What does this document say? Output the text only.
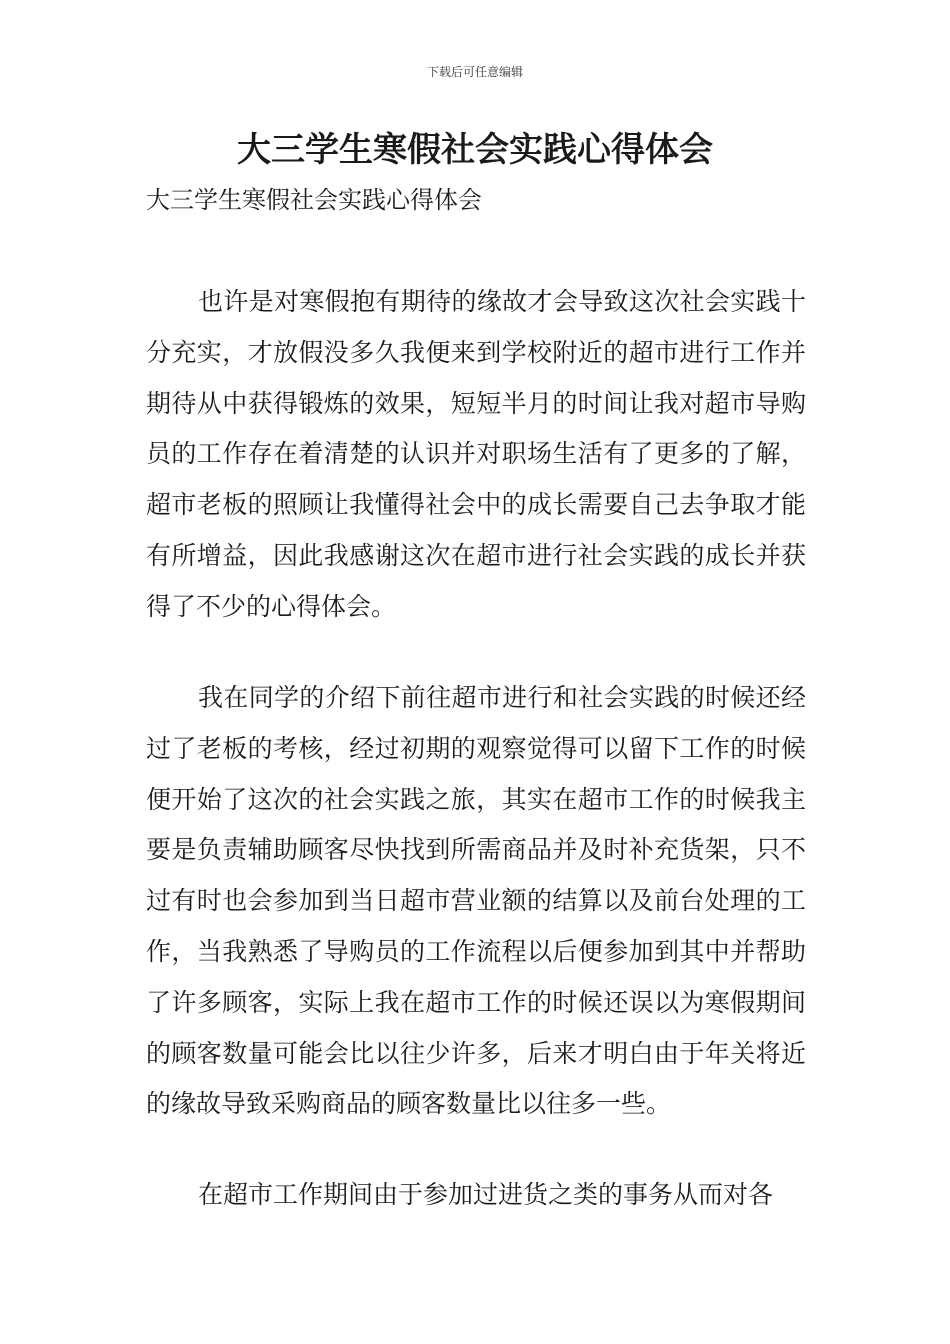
下载后可任意编辑
大三学生寒假社会实践心得体会

大三学生寒假社会实践心得体会

也许是对寒假抱有期待的缘故才会导致这次社会实践十分充实，才放假没多久我便来到学校附近的超市进行工作并期待从中获得锻炼的效果，短短半月的时间让我对超市导购员的工作存在着清楚的认识并对职场生活有了更多的了解，超市老板的照顾让我懂得社会中的成长需要自己去争取才能有所增益，因此我感谢这次在超市进行社会实践的成长并获得了不少的心得体会。

我在同学的介绍下前往超市进行和社会实践的时候还经过了老板的考核，经过初期的观察觉得可以留下工作的时候便开始了这次的社会实践之旅，其实在超市工作的时候我主要是负责辅助顾客尽快找到所需商品并及时补充货架，只不过有时也会参加到当日超市营业额的结算以及前台处理的工作，当我熟悉了导购员的工作流程以后便参加到其中并帮助了许多顾客，实际上我在超市工作的时候还误以为寒假期间的顾客数量可能会比以往少许多，后来才明白由于年关将近的缘故导致采购商品的顾客数量比以往多一些。

在超市工作期间由于参加过进货之类的事务从而对各
